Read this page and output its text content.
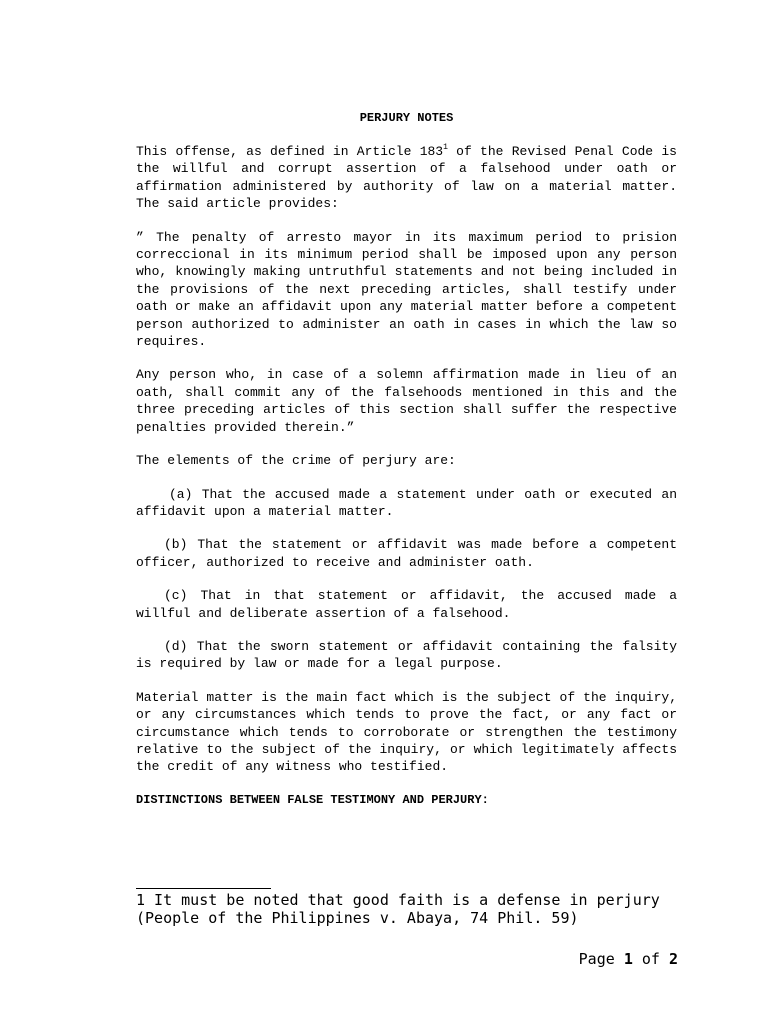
PERJURY NOTES

This offense, as defined in Article $183^1$ of the Revised Penal Code is the willful and corrupt assertion of a falsehood under oath or affirmation administered by authority of law on a material matter. The said article provides:

” The penalty of arresto mayor in its maximum period to prision correccional in its minimum period shall be imposed upon any person who, knowingly making untruthful statements and not being included in the provisions of the next preceding articles, shall testify under oath or make an affidavit upon any material matter before a competent person authorized to administer an oath in cases in which the law so requires.

Any person who, in case of a solemn affirmation made in lieu of an oath, shall commit any of the falsehoods mentioned in this and the three preceding articles of this section shall suffer the respective penalties provided therein.”

The elements of the crime of perjury are:

(a) That the accused made a statement under oath or executed an affidavit upon a material matter.

(b) That the statement or affidavit was made before a competent officer, authorized to receive and administer oath.

(c) That in that statement or affidavit, the accused made a willful and deliberate assertion of a falsehood.

(d) That the sworn statement or affidavit containing the falsity is required by law or made for a legal purpose.

Material matter is the main fact which is the subject of the inquiry, or any circumstances which tends to prove the fact, or any fact or circumstance which tends to corroborate or strengthen the testimony relative to the subject of the inquiry, or which legitimately affects the credit of any witness who testified.

DISTINCTIONS BETWEEN FALSE TESTIMONY AND PERJURY:

1 It must be noted that good faith is a defense in perjury (People of the Philippines v. Abaya, 74 Phil. 59)
Page 1 of 2
